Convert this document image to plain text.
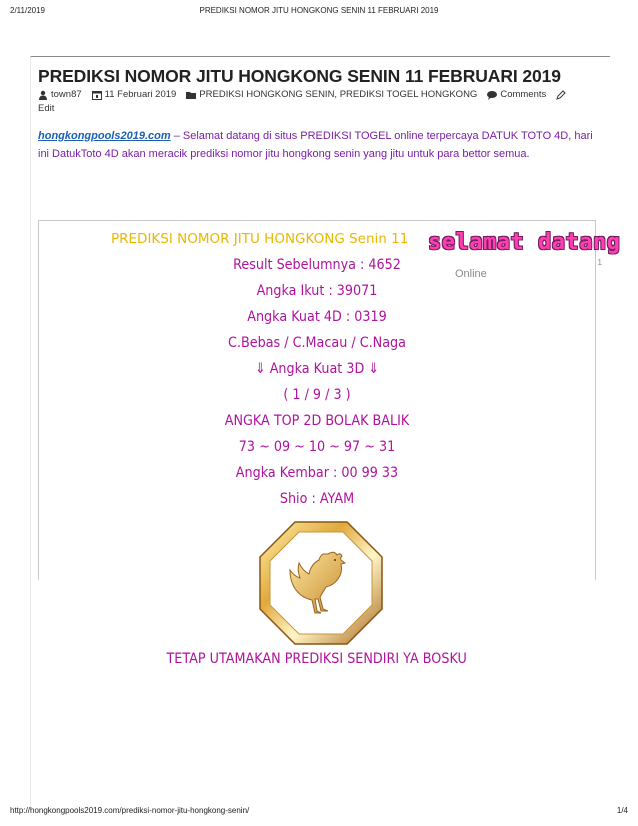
2/11/2019	PREDIKSI NOMOR JITU HONGKONG SENIN 11 FEBRUARI 2019
PREDIKSI NOMOR JITU HONGKONG SENIN 11 FEBRUARI 2019
town87 11 Februari 2019 PREDIKSI HONGKONG SENIN, PREDIKSI TOGEL HONGKONG Comments
Edit

hongkongpools2019.com – Selamat datang di situs PREDIKSI TOGEL online terpercaya DATUK TOTO 4D, hari ini DatukToto 4D akan meracik prediksi nomor jitu hongkong senin yang jitu untuk para bettor semua.

PREDIKSI NOMOR JITU HONGKONG Senin 11
Result Sebelumnya : 4652
Angka Ikut : 39071
Angka Kuat 4D : 0319
C.Bebas / C.Macau / C.Naga
⇓ Angka Kuat 3D ⇓
( 1 / 9 / 3 )
ANGKA TOP 2D BOLAK BALIK
73 ~ 09 ~ 10 ~ 97 ~ 31
Angka Kembar : 00 99 33
Shio : AYAM
selamat datang
Online
1
TETAP UTAMAKAN PREDIKSI SENDIRI YA BOSKU
http://hongkongpools2019.com/prediksi-nomor-jitu-hongkong-senin/	1/4
